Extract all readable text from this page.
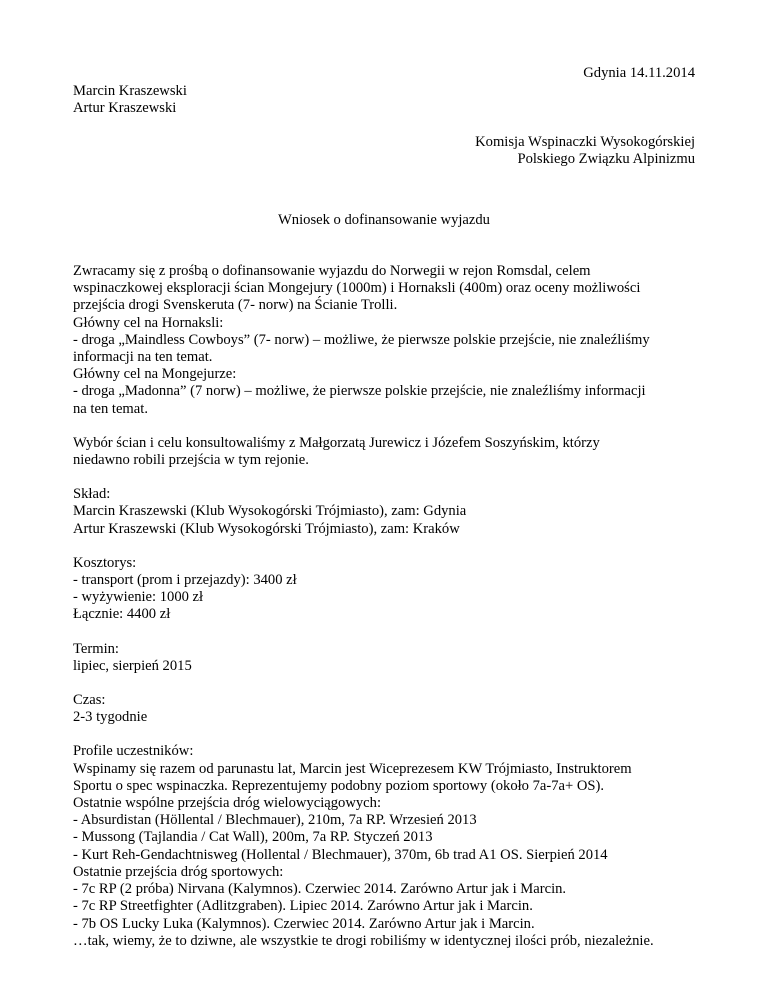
Gdynia 14.11.2014
Marcin Kraszewski
Artur Kraszewski
Komisja Wspinaczki Wysokogórskiej
Polskiego Związku Alpinizmu
Wniosek o dofinansowanie wyjazdu
Zwracamy się z prośbą o dofinansowanie wyjazdu do Norwegii w rejon Romsdal, celem
wspinaczkowej eksploracji ścian Mongejury (1000m) i Hornaksli (400m) oraz oceny możliwości
przejścia drogi Svenskeruta (7- norw) na Ścianie Trolli.
Główny cel na Hornaksli:
- droga „Maindless Cowboys” (7- norw) – możliwe, że pierwsze polskie przejście, nie znaleźliśmy
informacji na ten temat.
Główny cel na Mongejurze:
- droga „Madonna” (7 norw) – możliwe, że pierwsze polskie przejście, nie znaleźliśmy informacji
na ten temat.
Wybór ścian i celu konsultowaliśmy z Małgorzatą Jurewicz i Józefem Soszyńskim, którzy
niedawno robili przejścia w tym rejonie.
Skład:
Marcin Kraszewski (Klub Wysokogórski Trójmiasto), zam: Gdynia
Artur Kraszewski (Klub Wysokogórski Trójmiasto), zam: Kraków
Kosztorys:
- transport (prom i przejazdy): 3400 zł
- wyżywienie: 1000 zł
Łącznie: 4400 zł
Termin:
lipiec, sierpień 2015
Czas:
2-3 tygodnie
Profile uczestników:
Wspinamy się razem od parunastu lat, Marcin jest Wiceprezesem KW Trójmiasto, Instruktorem
Sportu o spec wspinaczka. Reprezentujemy podobny poziom sportowy (około 7a-7a+ OS).
Ostatnie wspólne przejścia dróg wielowyciągowych:
- Absurdistan (Höllental / Blechmauer), 210m, 7a RP. Wrzesień 2013
- Mussong (Tajlandia / Cat Wall), 200m, 7a RP. Styczeń 2013
- Kurt Reh-Gendachtnisweg (Hollental / Blechmauer), 370m, 6b trad A1 OS. Sierpień 2014
Ostatnie przejścia dróg sportowych:
- 7c RP (2 próba) Nirvana (Kalymnos). Czerwiec 2014. Zarówno Artur jak i Marcin.
- 7c RP Streetfighter (Adlitzgraben). Lipiec 2014. Zarówno Artur jak i Marcin.
- 7b OS Lucky Luka (Kalymnos). Czerwiec 2014. Zarówno Artur jak i Marcin.
…tak, wiemy, że to dziwne, ale wszystkie te drogi robiliśmy w identycznej ilości prób, niezależnie.
